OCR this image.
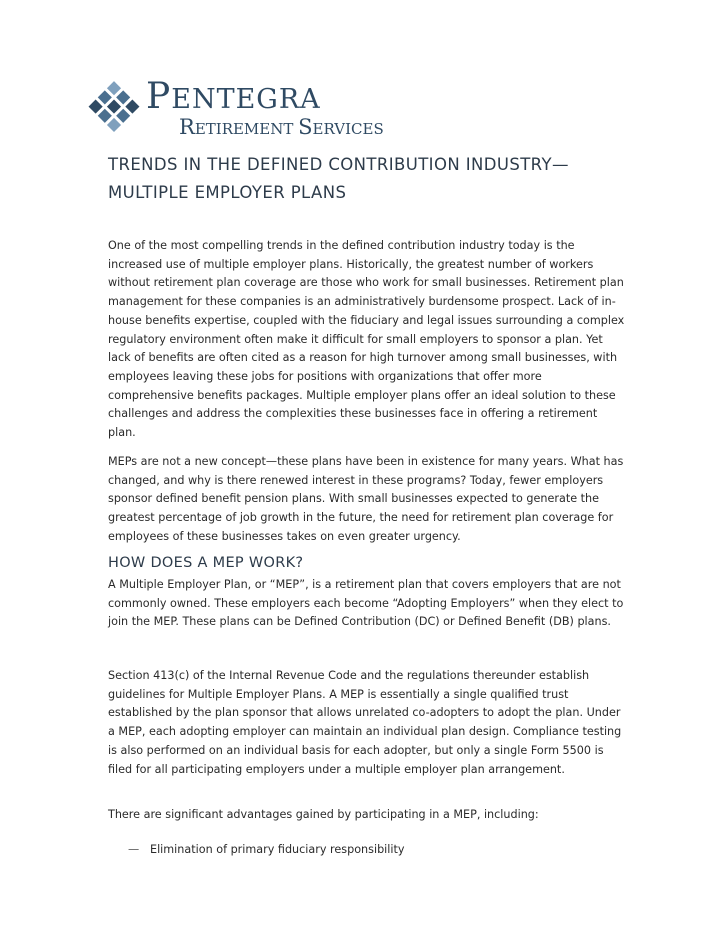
PENTEGRA
RETIREMENT SERVICES
TRENDS IN THE DEFINED CONTRIBUTION INDUSTRY—
MULTIPLE EMPLOYER PLANS

One of the most compelling trends in the defined contribution industry today is the increased use of multiple employer plans. Historically, the greatest number of workers without retirement plan coverage are those who work for small businesses. Retirement plan management for these companies is an administratively burdensome prospect. Lack of in-house benefits expertise, coupled with the fiduciary and legal issues surrounding a complex regulatory environment often make it difficult for small employers to sponsor a plan. Yet lack of benefits are often cited as a reason for high turnover among small businesses, with employees leaving these jobs for positions with organizations that offer more comprehensive benefits packages. Multiple employer plans offer an ideal solution to these challenges and address the complexities these businesses face in offering a retirement plan.

MEPs are not a new concept—these plans have been in existence for many years. What has changed, and why is there renewed interest in these programs? Today, fewer employers sponsor defined benefit pension plans. With small businesses expected to generate the greatest percentage of job growth in the future, the need for retirement plan coverage for employees of these businesses takes on even greater urgency.

HOW DOES A MEP WORK?

A Multiple Employer Plan, or “MEP”, is a retirement plan that covers employers that are not commonly owned. These employers each become “Adopting Employers” when they elect to join the MEP. These plans can be Defined Contribution (DC) or Defined Benefit (DB) plans.

Section 413(c) of the Internal Revenue Code and the regulations thereunder establish guidelines for Multiple Employer Plans. A MEP is essentially a single qualified trust established by the plan sponsor that allows unrelated co-adopters to adopt the plan. Under a MEP, each adopting employer can maintain an individual plan design. Compliance testing is also performed on an individual basis for each adopter, but only a single Form 5500 is filed for all participating employers under a multiple employer plan arrangement.

There are significant advantages gained by participating in a MEP, including:

— Elimination of primary fiduciary responsibility
